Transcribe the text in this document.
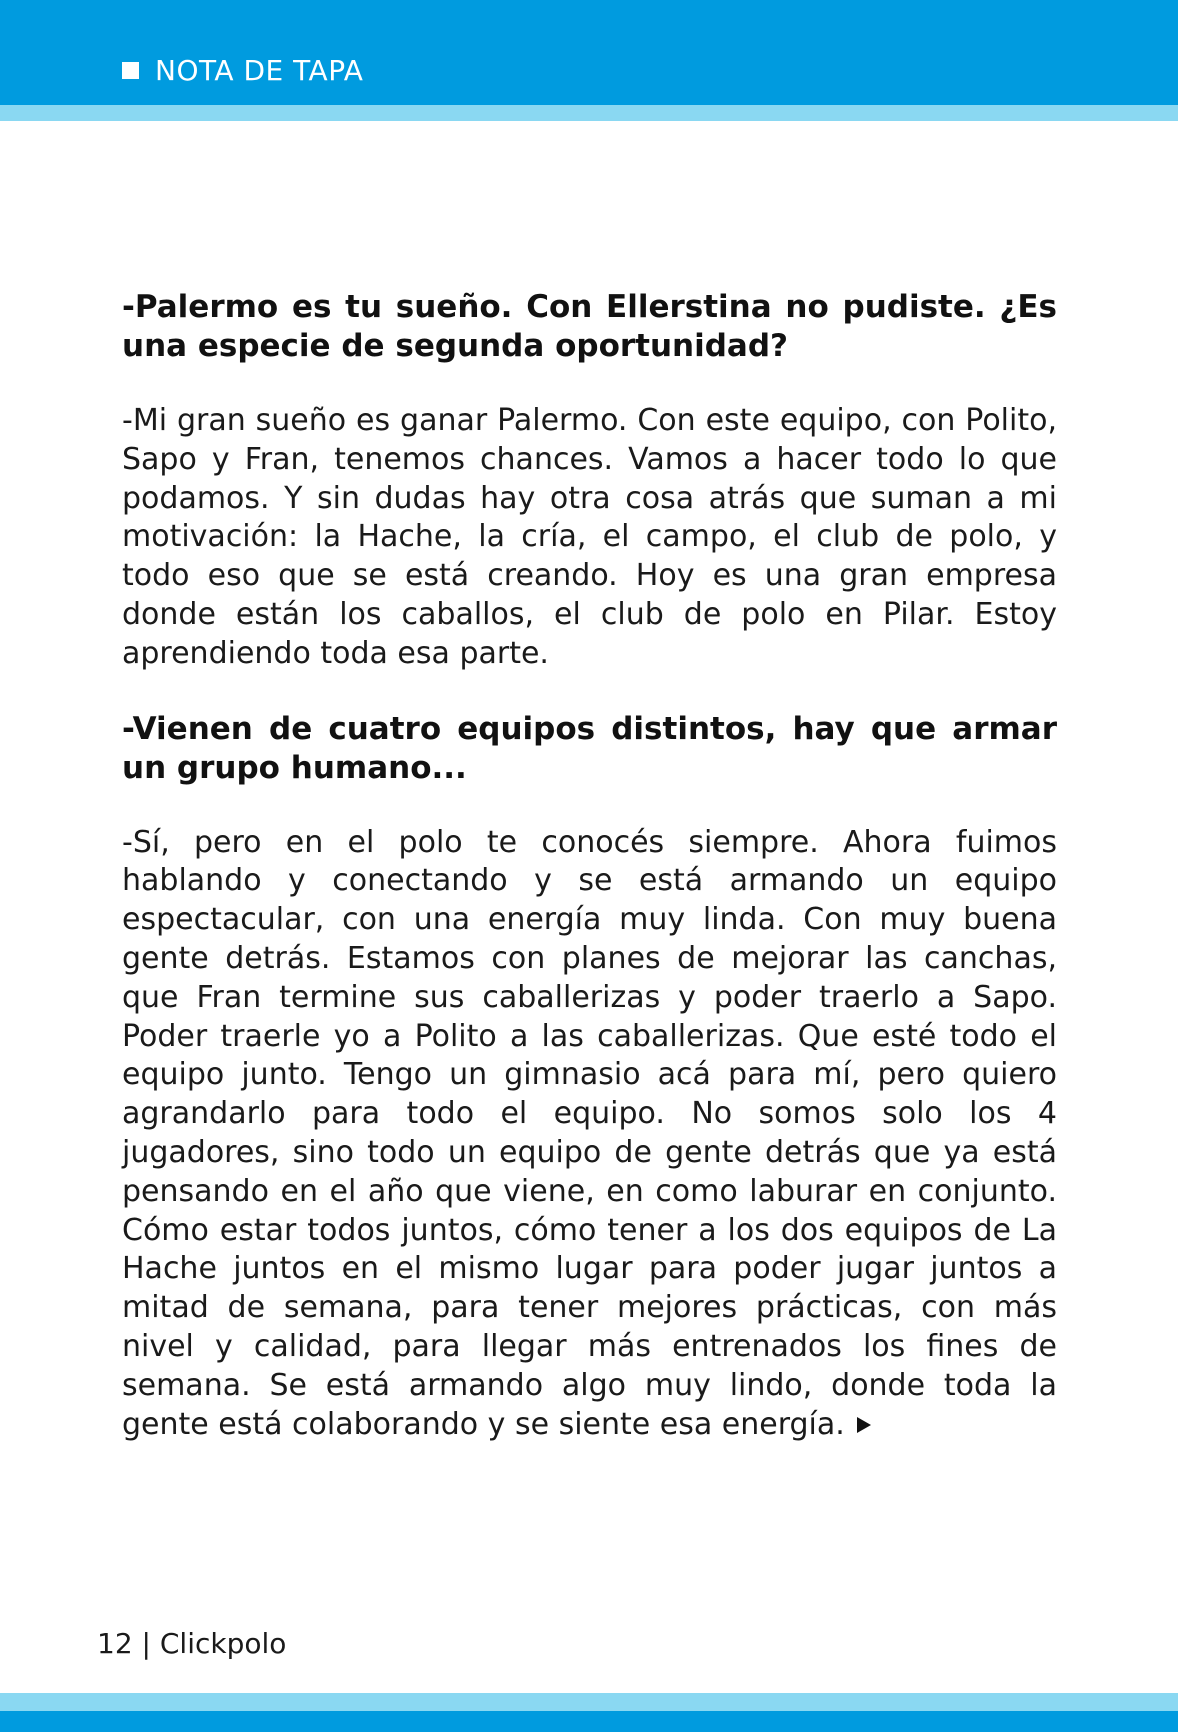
NOTA DE TAPA

-Palermo es tu sueño. Con Ellerstina no pudiste. ¿Es una especie de segunda oportunidad?

-Mi gran sueño es ganar Palermo. Con este equipo, con Polito, Sapo y Fran, tenemos chances. Vamos a hacer todo lo que podamos. Y sin dudas hay otra cosa atrás que suman a mi motivación: la Hache, la cría, el campo, el club de polo, y todo eso que se está creando. Hoy es una gran empresa donde están los caballos, el club de polo en Pilar. Estoy aprendiendo toda esa parte.

-Vienen de cuatro equipos distintos, hay que armar un grupo humano...

-Sí, pero en el polo te conocés siempre. Ahora fuimos hablando y conectando y se está armando un equipo espectacular, con una energía muy linda. Con muy buena gente detrás. Estamos con planes de mejorar las canchas, que Fran termine sus caballerizas y poder traerlo a Sapo. Poder traerle yo a Polito a las caballerizas. Que esté todo el equipo junto. Tengo un gimnasio acá para mí, pero quiero agrandarlo para todo el equipo. No somos solo los 4 jugadores, sino todo un equipo de gente detrás que ya está pensando en el año que viene, en como laburar en conjunto. Cómo estar todos juntos, cómo tener a los dos equipos de La Hache juntos en el mismo lugar para poder jugar juntos a mitad de semana, para tener mejores prácticas, con más nivel y calidad, para llegar más entrenados los fines de semana. Se está armando algo muy lindo, donde toda la gente está colaborando y se siente esa energía.

12 | Clickpolo
